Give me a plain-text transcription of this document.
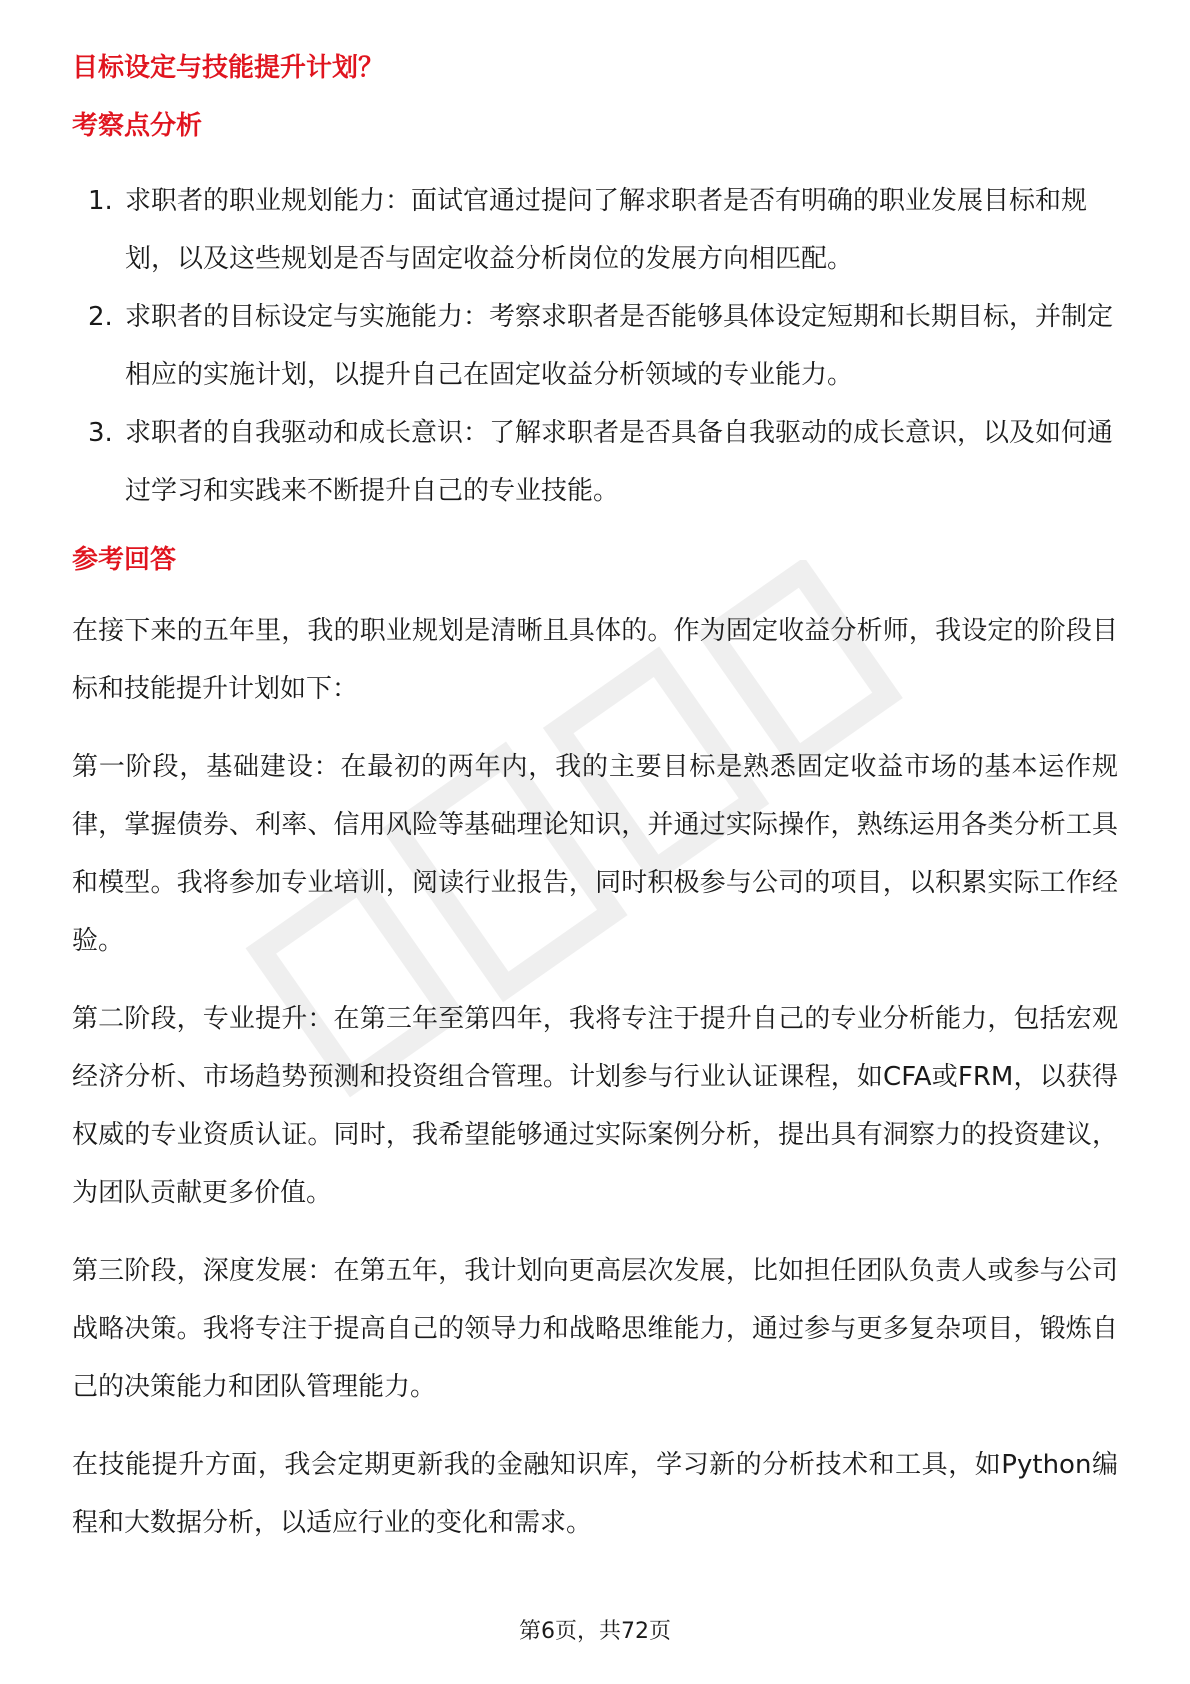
目标设定与技能提升计划？
考察点分析
1. 求职者的职业规划能力：面试官通过提问了解求职者是否有明确的职业发展目标和规划，以及这些规划是否与固定收益分析岗位的发展方向相匹配。
2. 求职者的目标设定与实施能力：考察求职者是否能够具体设定短期和长期目标，并制定相应的实施计划，以提升自己在固定收益分析领域的专业能力。
3. 求职者的自我驱动和成长意识：了解求职者是否具备自我驱动的成长意识，以及如何通过学习和实践来不断提升自己的专业技能。
参考回答

在接下来的五年里，我的职业规划是清晰且具体的。作为固定收益分析师，我设定的阶段目标和技能提升计划如下：

第一阶段，基础建设：在最初的两年内，我的主要目标是熟悉固定收益市场的基本运作规律，掌握债券、利率、信用风险等基础理论知识，并通过实际操作，熟练运用各类分析工具和模型。我将参加专业培训，阅读行业报告，同时积极参与公司的项目，以积累实际工作经验。

第二阶段，专业提升：在第三年至第四年，我将专注于提升自己的专业分析能力，包括宏观经济分析、市场趋势预测和投资组合管理。计划参与行业认证课程，如CFA或FRM，以获得权威的专业资质认证。同时，我希望能够通过实际案例分析，提出具有洞察力的投资建议，为团队贡献更多价值。

第三阶段，深度发展：在第五年，我计划向更高层次发展，比如担任团队负责人或参与公司战略决策。我将专注于提高自己的领导力和战略思维能力，通过参与更多复杂项目，锻炼自己的决策能力和团队管理能力。

在技能提升方面，我会定期更新我的金融知识库，学习新的分析技术和工具，如Python编程和大数据分析，以适应行业的变化和需求。

第6页，共72页
